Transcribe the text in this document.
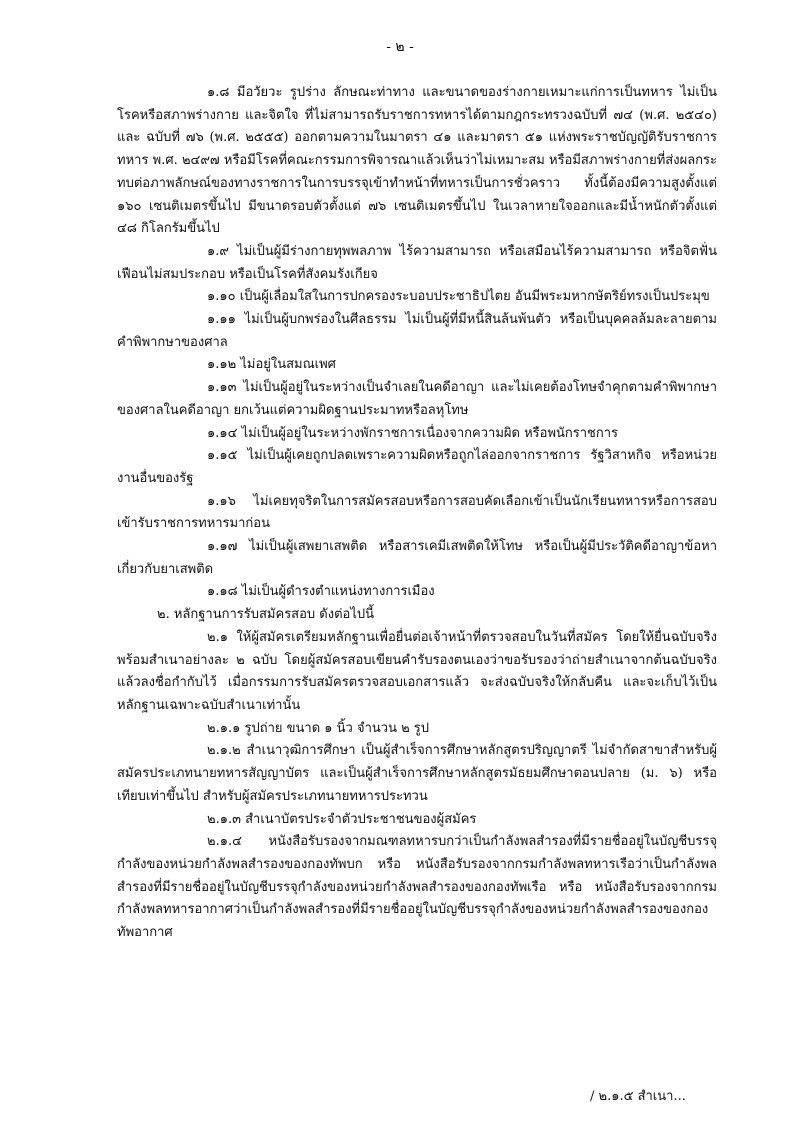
- ๒ -

๑.๘ มีอวัยวะ รูปร่าง ลักษณะท่าทาง และขนาดของร่างกายเหมาะแก่การเป็นทหาร ไม่เป็นโรคหรือสภาพร่างกาย และจิตใจ ที่ไม่สามารถรับราชการทหารได้ตามกฎกระทรวงฉบับที่ ๗๔ (พ.ศ. ๒๕๔๐) และ ฉบับที่ ๗๖ (พ.ศ. ๒๕๕๕) ออกตามความในมาตรา ๔๑ และมาตรา ๕๑ แห่งพระราชบัญญัติรับราชการทหาร พ.ศ. ๒๔๙๗ หรือมีโรคที่คณะกรรมการพิจารณาแล้วเห็นว่าไม่เหมาะสม หรือมีสภาพร่างกายที่ส่งผลกระทบต่อภาพลักษณ์ของทางราชการในการบรรจุเข้าทำหน้าที่ทหารเป็นการชั่วคราว ทั้งนี้ต้องมีความสูงตั้งแต่ ๑๖๐ เซนติเมตรขึ้นไป มีขนาดรอบตัวตั้งแต่ ๗๖ เซนติเมตรขึ้นไป ในเวลาหายใจออกและมีน้ำหนักตัวตั้งแต่ ๔๘ กิโลกรัมขึ้นไป

๑.๙ ไม่เป็นผู้มีร่างกายทุพพลภาพ ไร้ความสามารถ หรือเสมือนไร้ความสามารถ หรือจิตฟั่นเฟือนไม่สมประกอบ หรือเป็นโรคที่สังคมรังเกียจ

๑.๑๐ เป็นผู้เลื่อมใสในการปกครองระบอบประชาธิปไตย อันมีพระมหากษัตริย์ทรงเป็นประมุข

๑.๑๑ ไม่เป็นผู้บกพร่องในศีลธรรม ไม่เป็นผู้ที่มีหนี้สินล้นพ้นตัว หรือเป็นบุคคลล้มละลายตามคำพิพากษาของศาล

๑.๑๒ ไม่อยู่ในสมณเพศ

๑.๑๓ ไม่เป็นผู้อยู่ในระหว่างเป็นจำเลยในคดีอาญา และไม่เคยต้องโทษจำคุกตามคำพิพากษาของศาลในคดีอาญา ยกเว้นแต่ความผิดฐานประมาทหรือลหุโทษ

๑.๑๔ ไม่เป็นผู้อยู่ในระหว่างพักราชการเนื่องจากความผิด หรือพนักราชการ

๑.๑๕ ไม่เป็นผู้เคยถูกปลดเพราะความผิดหรือถูกไล่ออกจากราชการ รัฐวิสาหกิจ หรือหน่วยงานอื่นของรัฐ

๑.๑๖ ไม่เคยทุจริตในการสมัครสอบหรือการสอบคัดเลือกเข้าเป็นนักเรียนทหารหรือการสอบเข้ารับราชการทหารมาก่อน

๑.๑๗ ไม่เป็นผู้เสพยาเสพติด หรือสารเคมีเสพติดให้โทษ หรือเป็นผู้มีประวัติคดีอาญาข้อหาเกี่ยวกับยาเสพติด

๑.๑๘ ไม่เป็นผู้ดำรงตำแหน่งทางการเมือง

๒. หลักฐานการรับสมัครสอบ ดังต่อไปนี้

๒.๑ ให้ผู้สมัครเตรียมหลักฐานเพื่อยื่นต่อเจ้าหน้าที่ตรวจสอบในวันที่สมัคร โดยให้ยื่นฉบับจริงพร้อมสำเนาอย่างละ ๒ ฉบับ โดยผู้สมัครสอบเขียนคำรับรองตนเองว่าขอรับรองว่าถ่ายสำเนาจากต้นฉบับจริงแล้วลงชื่อกำกับไว้ เมื่อกรรมการรับสมัครตรวจสอบเอกสารแล้ว จะส่งฉบับจริงให้กลับคืน และจะเก็บไว้เป็นหลักฐานเฉพาะฉบับสำเนาเท่านั้น

๒.๑.๑ รูปถ่าย ขนาด ๑ นิ้ว จำนวน ๒ รูป

๒.๑.๒ สำเนาวุฒิการศึกษา เป็นผู้สำเร็จการศึกษาหลักสูตรปริญญาตรี ไม่จำกัดสาขาสำหรับผู้สมัครประเภทนายทหารสัญญาบัตร และเป็นผู้สำเร็จการศึกษาหลักสูตรมัธยมศึกษาตอนปลาย (ม. ๖) หรือเทียบเท่าขึ้นไป สำหรับผู้สมัครประเภทนายทหารประทวน

๒.๑.๓ สำเนาบัตรประจำตัวประชาชนของผู้สมัคร

๒.๑.๔ หนังสือรับรองจากมณฑลทหารบกว่าเป็นกำลังพลสำรองที่มีรายชื่ออยู่ในบัญชีบรรจุกำลังของหน่วยกำลังพลสำรองของกองทัพบก หรือ หนังสือรับรองจากกรมกำลังพลทหารเรือว่าเป็นกำลังพลสำรองที่มีรายชื่ออยู่ในบัญชีบรรจุกำลังของหน่วยกำลังพลสำรองของกองทัพเรือ หรือ หนังสือรับรองจากกรมกำลังพลทหารอากาศว่าเป็นกำลังพลสำรองที่มีรายชื่ออยู่ในบัญชีบรรจุกำลังของหน่วยกำลังพลสำรองของกองทัพอากาศ

/ ๒.๑.๕ สำเนา...
